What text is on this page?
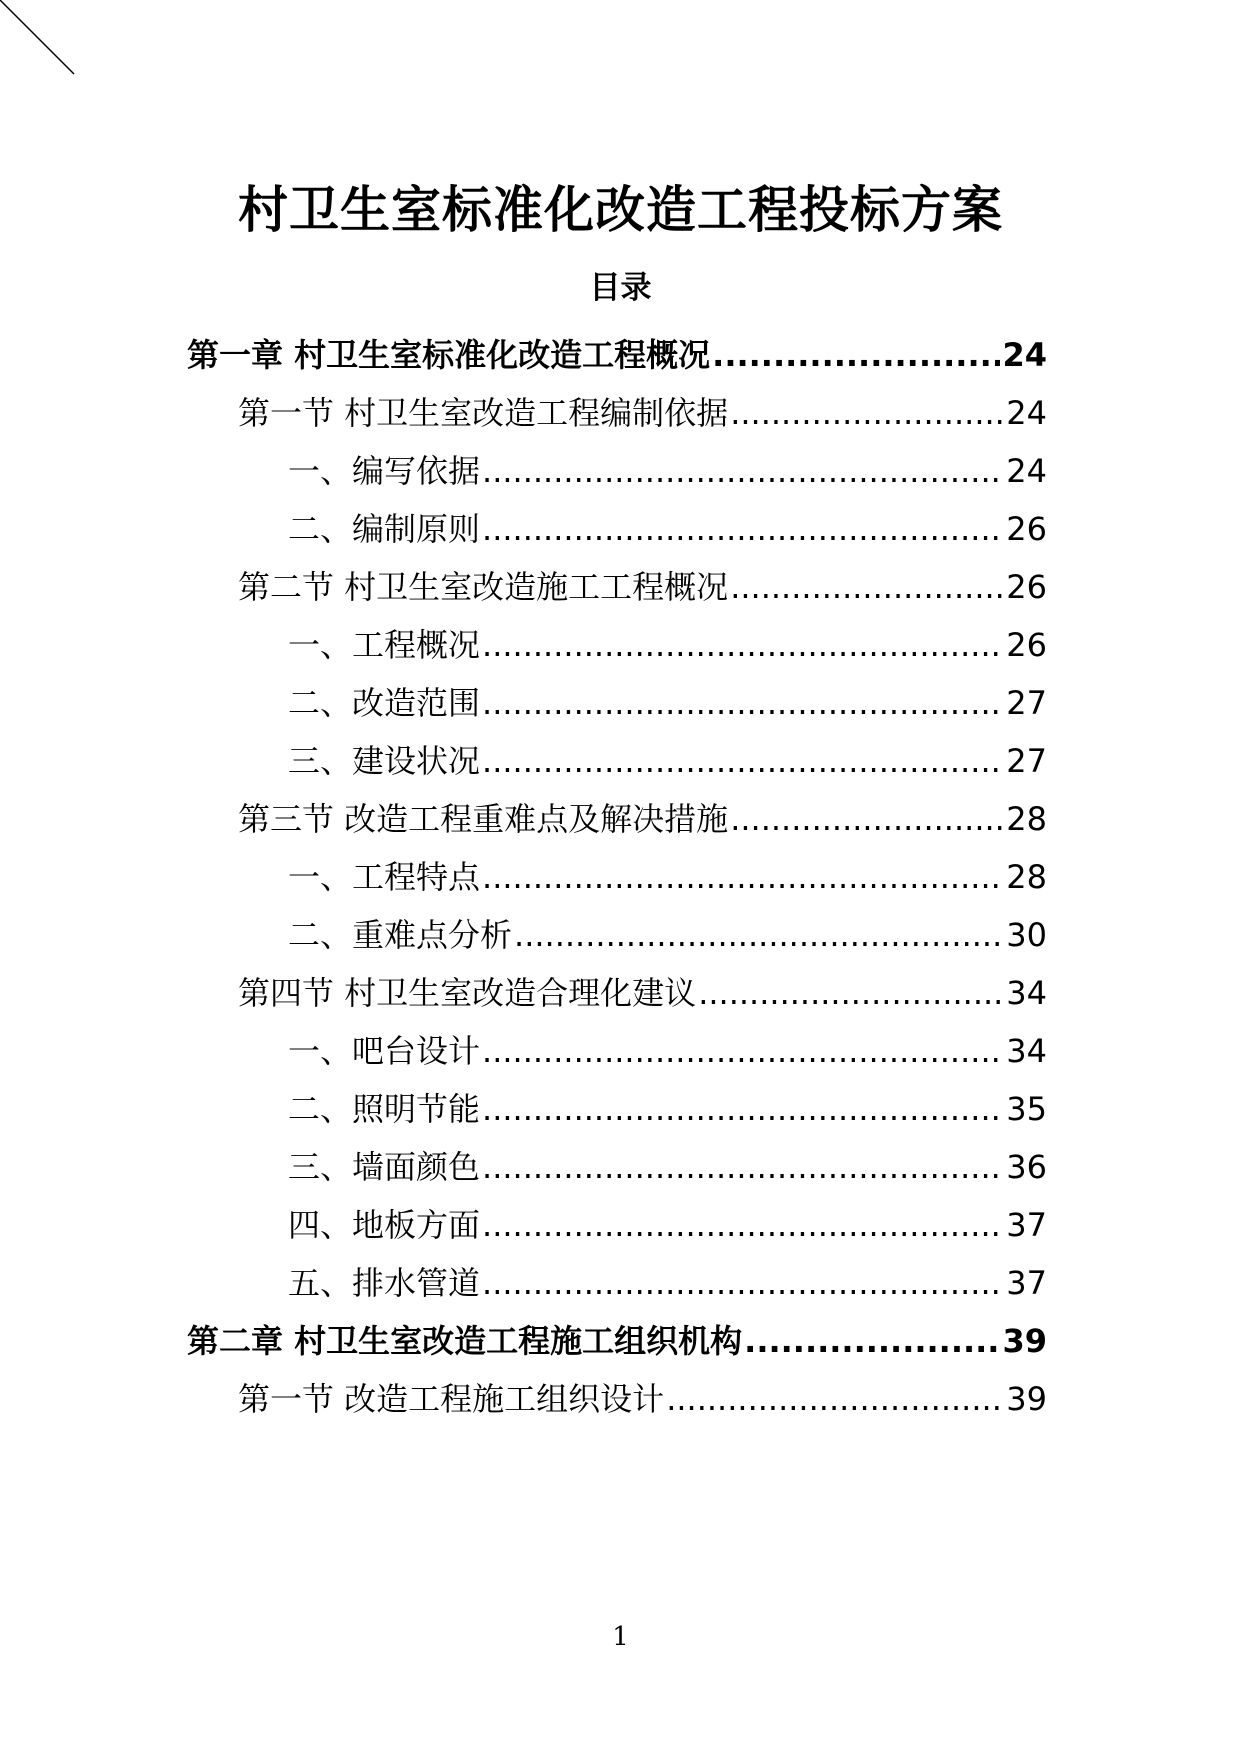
村卫生室标准化改造工程投标方案
目录
第一章 村卫生室标准化改造工程概况 .....	24
第一节 村卫生室改造工程编制依据 .....	24
一、编写依据 .....	24
二、编制原则 .....	26
第二节 村卫生室改造施工工程概况 .....	26
一、工程概况 .....	26
二、改造范围 .....	27
三、建设状况 .....	27
第三节 改造工程重难点及解决措施 .....	28
一、工程特点 .....	28
二、重难点分析 .....	30
第四节 村卫生室改造合理化建议 .....	34
一、吧台设计 .....	34
二、照明节能 .....	35
三、墙面颜色 .....	36
四、地板方面 .....	37
五、排水管道 .....	37
第二章 村卫生室改造工程施工组织机构 .....	39
第一节 改造工程施工组织设计 .....	39
1
